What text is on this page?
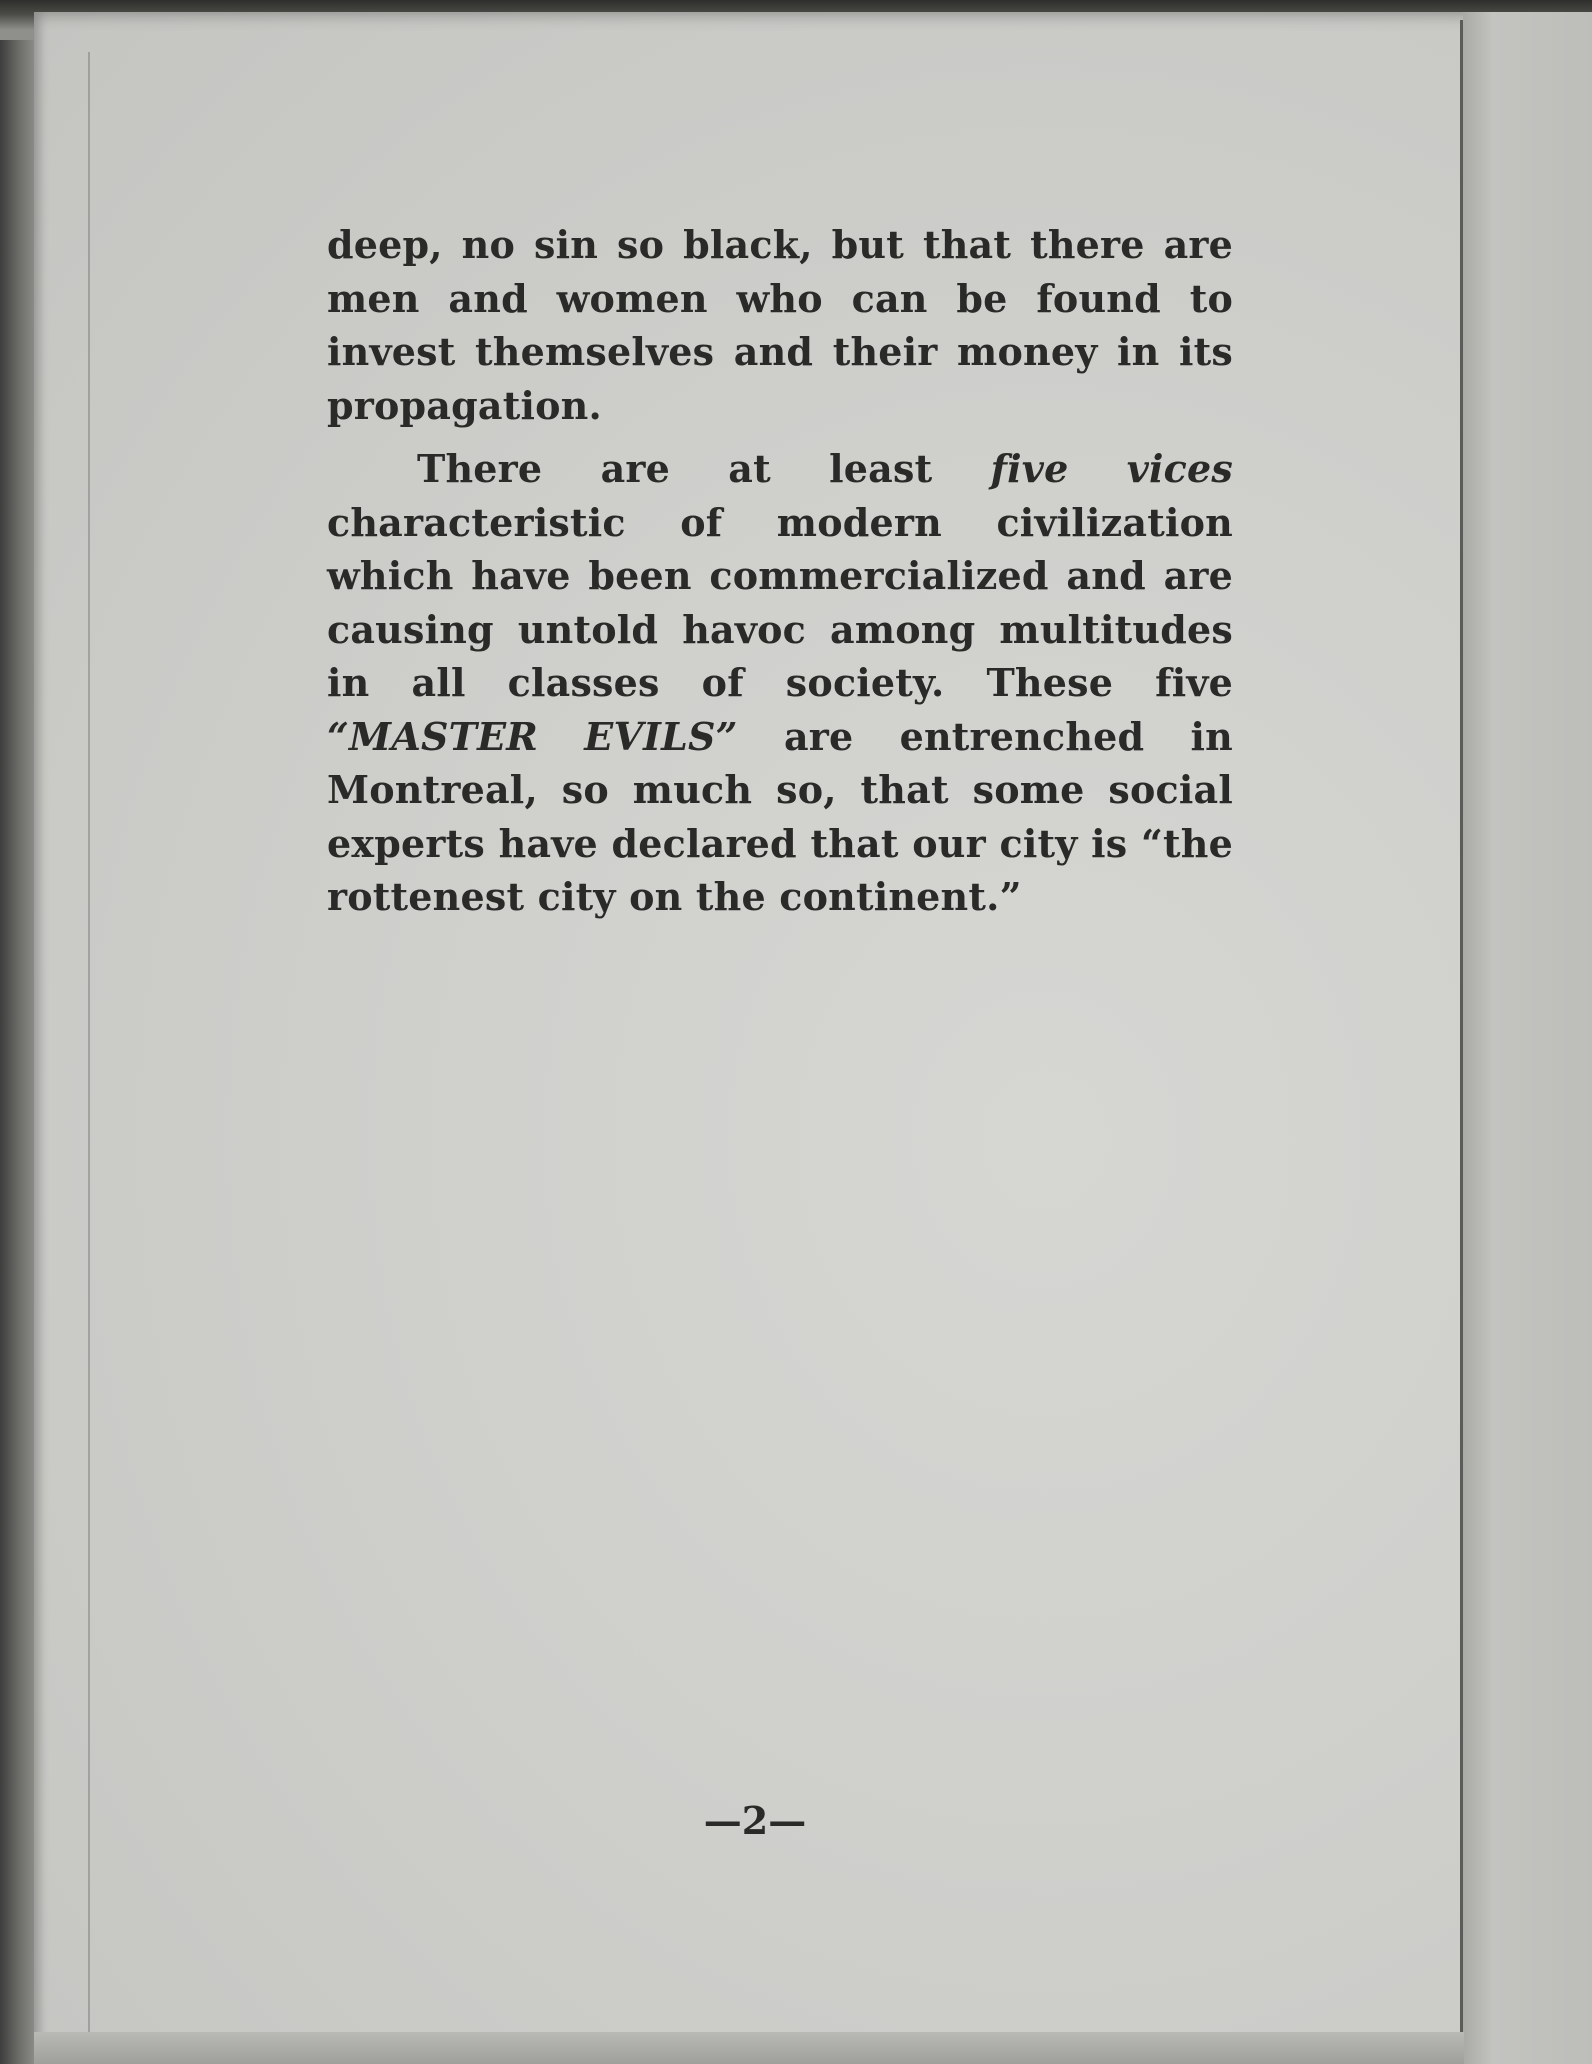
deep, no sin so black, but that there are men and women who can be found to invest themselves and their money in its propagation.

There are at least five vices characteristic of modern civilization which have been commercialized and are causing untold havoc among multitudes in all classes of society. These five “MASTER EVILS” are entrenched in Montreal, so much so, that some social experts have declared that our city is “the rottenest city on the continent.”

—2—
